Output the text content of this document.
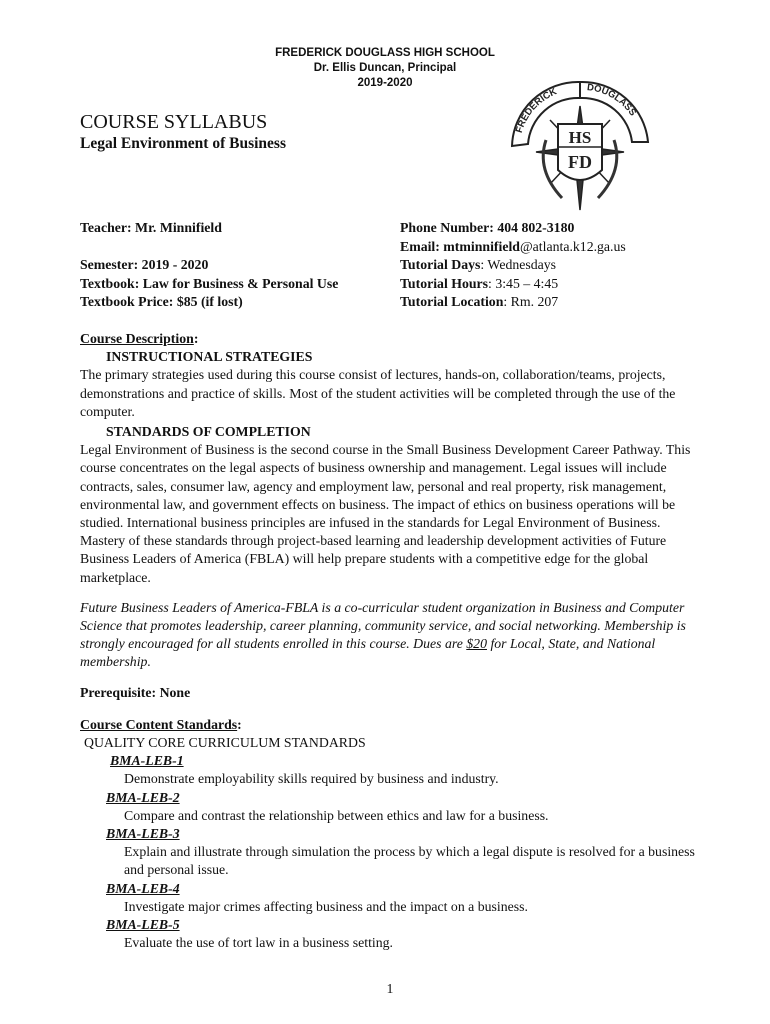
FREDERICK DOUGLASS HIGH SCHOOL
Dr. Ellis Duncan, Principal
2019-2020
FREDERICK	DOUGLASS
HS
FD
COURSE SYLLABUS
Legal Environment of Business
Teacher: Mr. Minnifield
Semester: 2019 - 2020
Textbook: Law for Business & Personal Use
Textbook Price: $85 (if lost)
Phone Number: 404 802-3180
Email: mtminnifield@atlanta.k12.ga.us
Tutorial Days: Wednesdays
Tutorial Hours: 3:45 – 4:45
Tutorial Location: Rm. 207
Course Description:
INSTRUCTIONAL STRATEGIES

The primary strategies used during this course consist of lectures, hands-on, collaboration/teams, projects, demonstrations and practice of skills. Most of the student activities will be completed through the use of the computer.

STANDARDS OF COMPLETION

Legal Environment of Business is the second course in the Small Business Development Career Pathway. This course concentrates on the legal aspects of business ownership and management. Legal issues will include contracts, sales, consumer law, agency and employment law, personal and real property, risk management, environmental law, and government effects on business. The impact of ethics on business operations will be studied. International business principles are infused in the standards for Legal Environment of Business. Mastery of these standards through project-based learning and leadership development activities of Future Business Leaders of America (FBLA) will help prepare students with a competitive edge for the global marketplace.

Future Business Leaders of America-FBLA is a co-curricular student organization in Business and Computer Science that promotes leadership, career planning, community service, and social networking. Membership is strongly encouraged for all students enrolled in this course. Dues are $20 for Local, State, and National membership.

Prerequisite: None
Course Content Standards:
QUALITY CORE CURRICULUM STANDARDS
BMA-LEB-1
Demonstrate employability skills required by business and industry.
BMA-LEB-2
Compare and contrast the relationship between ethics and law for a business.
BMA-LEB-3
Explain and illustrate through simulation the process by which a legal dispute is resolved for a business and personal issue.
BMA-LEB-4
Investigate major crimes affecting business and the impact on a business.
BMA-LEB-5
Evaluate the use of tort law in a business setting.
1
